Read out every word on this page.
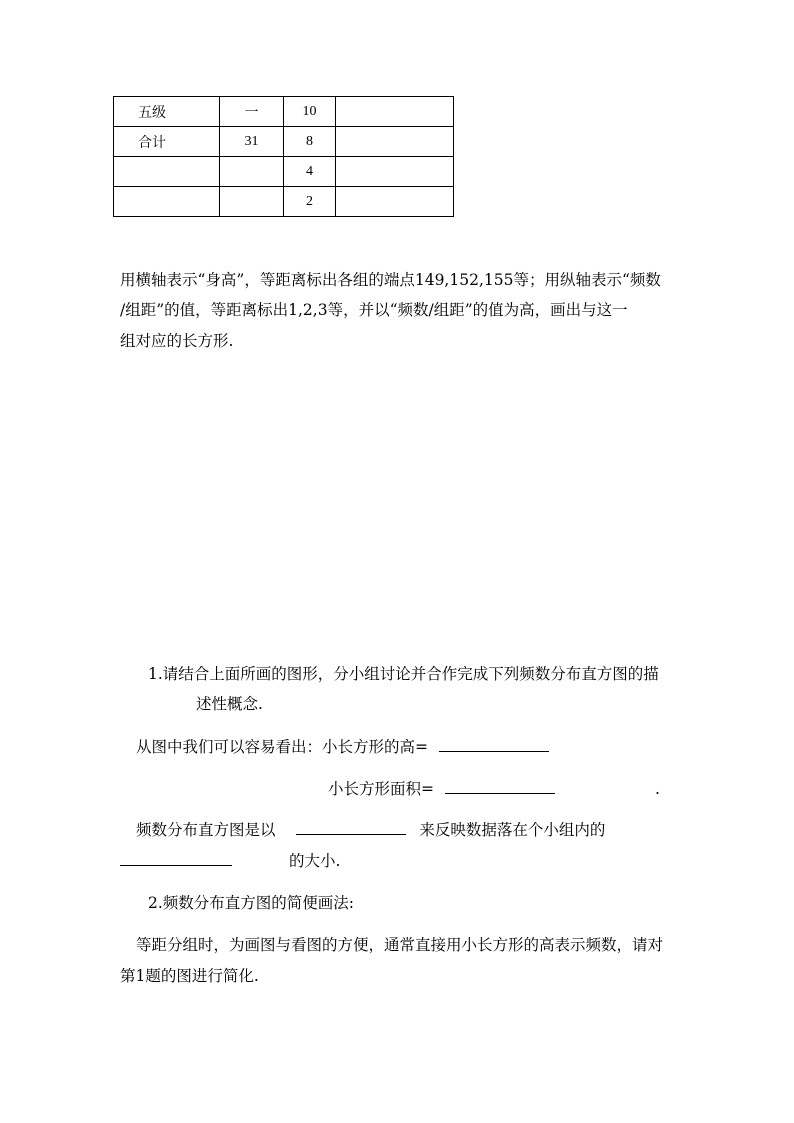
五级	一	10	
合计	31	8	
		4	
		2	
用横轴表示“身高”，等距离标出各组的端点149,152,155等；用纵轴表示“频数
/组距”的值，等距离标出1,2,3等，并以“频数/组距”的值为高，画出与这一
组对应的长方形.
1.请结合上面所画的图形，分小组讨论并合作完成下列频数分布直方图的描
述性概念.
从图中我们可以容易看出：小长方形的高=
小长方形面积=	.
频数分布直方图是以	来反映数据落在个小组内的
的大小.
2.频数分布直方图的简便画法:
等距分组时，为画图与看图的方便，通常直接用小长方形的高表示频数，请对
第1题的图进行简化.
